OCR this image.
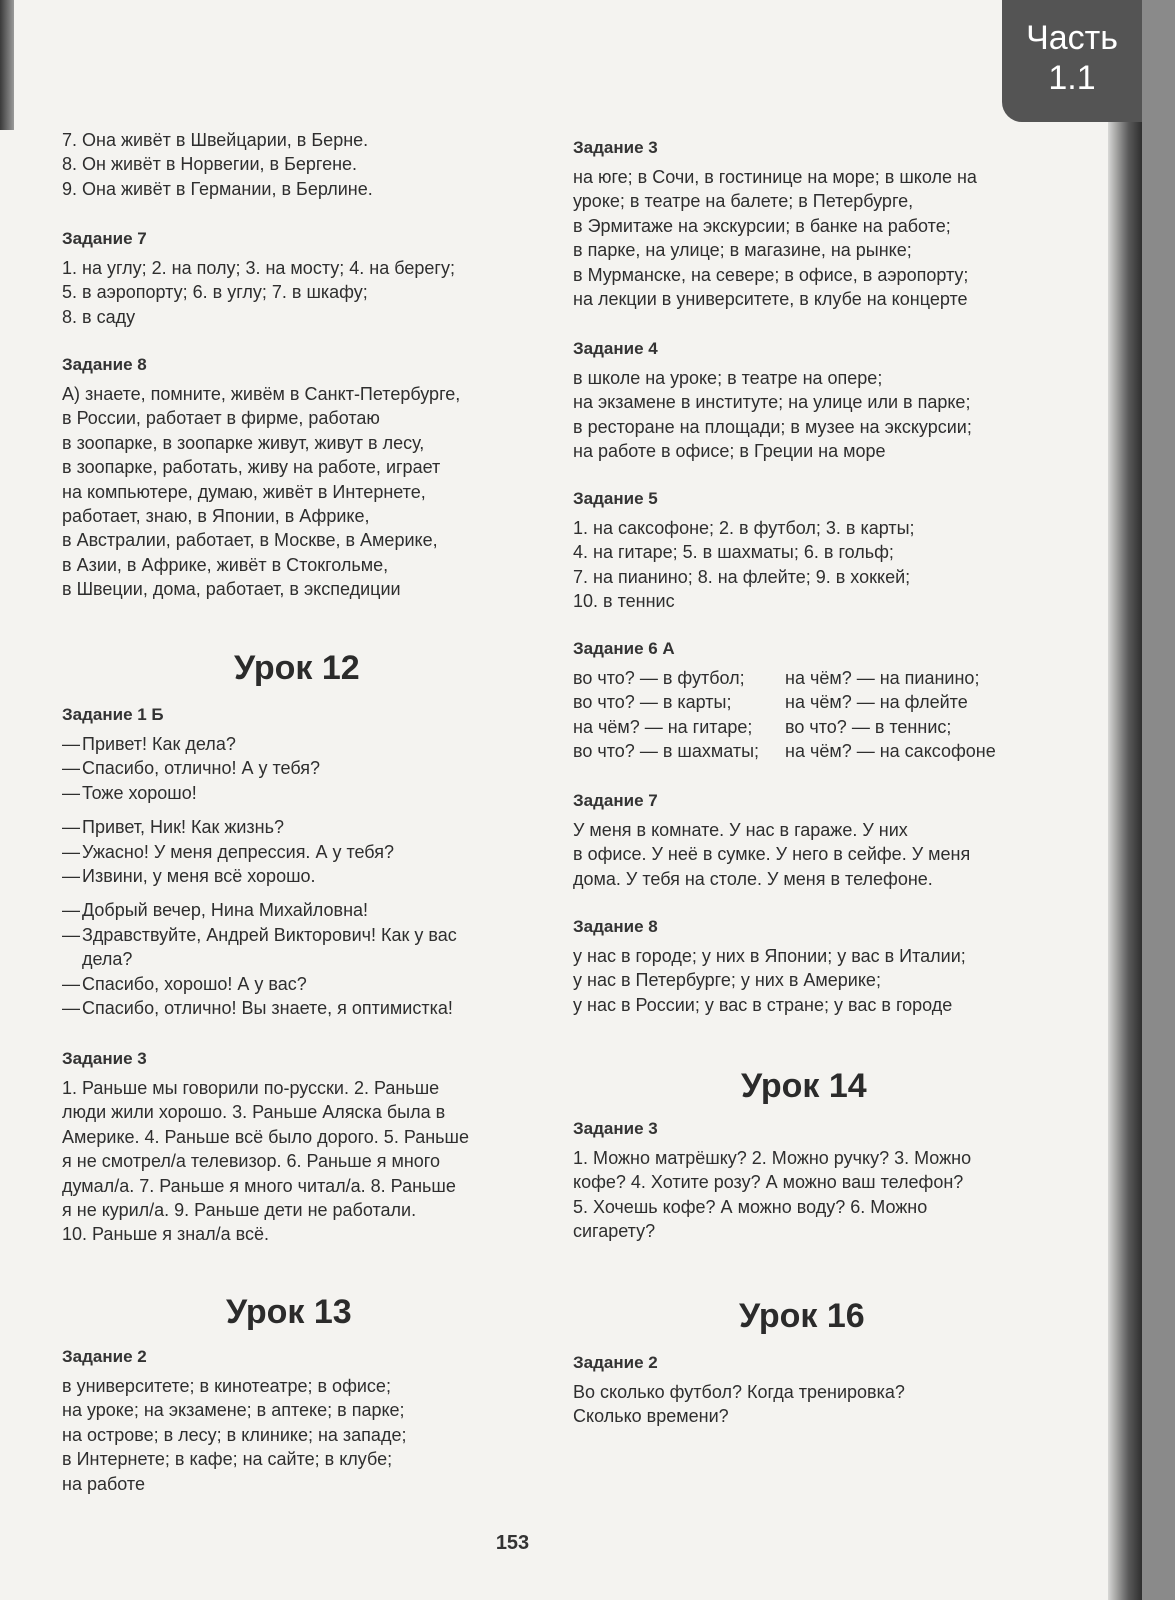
Часть
1.1
7. Она живёт в Швейцарии, в Берне.
8. Он живёт в Норвегии, в Бергене.
9. Она живёт в Германии, в Берлине.
Задание 7
1. на углу; 2. на полу; 3. на мосту; 4. на берегу;
5. в аэропорту; 6. в углу; 7. в шкафу;
8. в саду
Задание 8
А) знаете, помните, живём в Санкт-Петербурге,
в России, работает в фирме, работаю
в зоопарке, в зоопарке живут, живут в лесу,
в зоопарке, работать, живу на работе, играет
на компьютере, думаю, живёт в Интернете,
работает, знаю, в Японии, в Африке,
в Австралии, работает, в Москве, в Америке,
в Азии, в Африке, живёт в Стокгольме,
в Швеции, дома, работает, в экспедиции
Урок 12
Задание 1 Б
— Привет! Как дела?
— Спасибо, отлично! А у тебя?
— Тоже хорошо!
— Привет, Ник! Как жизнь?
— Ужасно! У меня депрессия. А у тебя?
— Извини, у меня всё хорошо.
— Добрый вечер, Нина Михайловна!
— Здравствуйте, Андрей Викторович! Как у вас
дела?
— Спасибо, хорошо! А у вас?
— Спасибо, отлично! Вы знаете, я оптимистка!
Задание 3
1. Раньше мы говорили по-русски. 2. Раньше
люди жили хорошо. 3. Раньше Аляска была в
Америке. 4. Раньше всё было дорого. 5. Раньше
я не смотрел/а телевизор. 6. Раньше я много
думал/а. 7. Раньше я много читал/а. 8. Раньше
я не курил/а. 9. Раньше дети не работали.
10. Раньше я знал/а всё.
Урок 13
Задание 2
в университете; в кинотеатре; в офисе;
на уроке; на экзамене; в аптеке; в парке;
на острове; в лесу; в клинике; на западе;
в Интернете; в кафе; на сайте; в клубе;
на работе
Задание 3
на юге; в Сочи, в гостинице на море; в школе на
уроке; в театре на балете; в Петербурге,
в Эрмитаже на экскурсии; в банке на работе;
в парке, на улице; в магазине, на рынке;
в Мурманске, на севере; в офисе, в аэропорту;
на лекции в университете, в клубе на концерте
Задание 4
в школе на уроке; в театре на опере;
на экзамене в институте; на улице или в парке;
в ресторане на площади; в музее на экскурсии;
на работе в офисе; в Греции на море
Задание 5
1. на саксофоне; 2. в футбол; 3. в карты;
4. на гитаре; 5. в шахматы; 6. в гольф;
7. на пианино; 8. на флейте; 9. в хоккей;
10. в теннис
Задание 6 А
во что? — в футбол;	на чём? — на пианино;
во что? — в карты;	на чём? — на флейте
на чём? — на гитаре;	во что? — в теннис;
во что? — в шахматы;	на чём? — на саксофоне
Задание 7
У меня в комнате. У нас в гараже. У них
в офисе. У неё в сумке. У него в сейфе. У меня
дома. У тебя на столе. У меня в телефоне.
Задание 8
у нас в городе; у них в Японии; у вас в Италии;
у нас в Петербурге; у них в Америке;
у нас в России; у вас в стране; у вас в городе
Урок 14
Задание 3
1. Можно матрёшку? 2. Можно ручку? 3. Можно
кофе? 4. Хотите розу? А можно ваш телефон?
5. Хочешь кофе? А можно воду? 6. Можно
сигарету?
Урок 16
Задание 2
Во сколько футбол? Когда тренировка?
Сколько времени?
153
